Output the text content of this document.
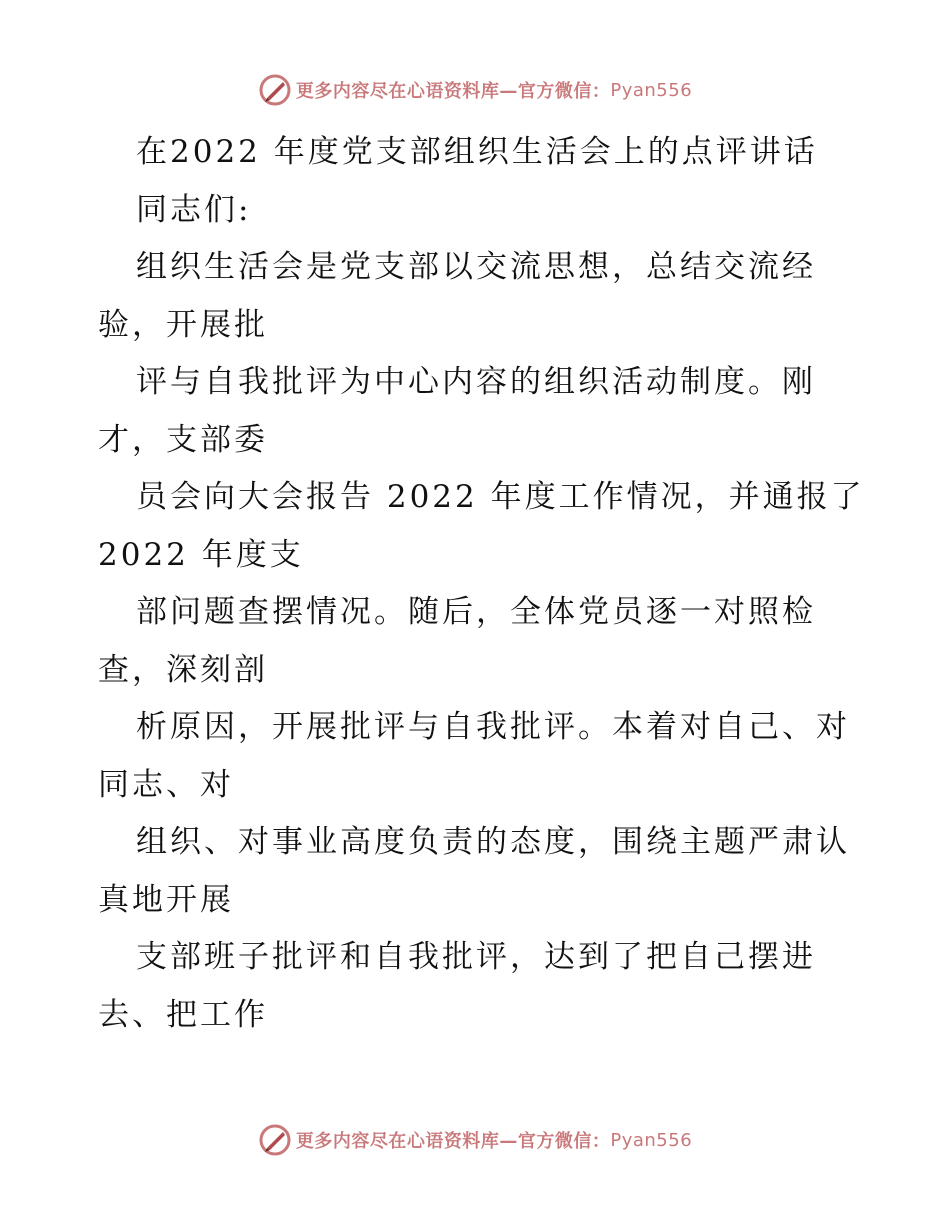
更多内容尽在心语资料库—官方微信： Pyan556
在2022 年度党支部组织生活会上的点评讲话
同志们:
组织生活会是党支部以交流思想，总结交流经
验，开展批
评与自我批评为中心内容的组织活动制度。刚
才，支部委
员会向大会报告 2022 年度工作情况，并通报了
2022 年度支
部问题查摆情况。随后，全体党员逐一对照检
查，深刻剖
析原因，开展批评与自我批评。本着对自己、对
同志、对
组织、对事业高度负责的态度，围绕主题严肃认
真地开展
支部班子批评和自我批评，达到了把自己摆进
去、把工作
更多内容尽在心语资料库—官方微信： Pyan556
